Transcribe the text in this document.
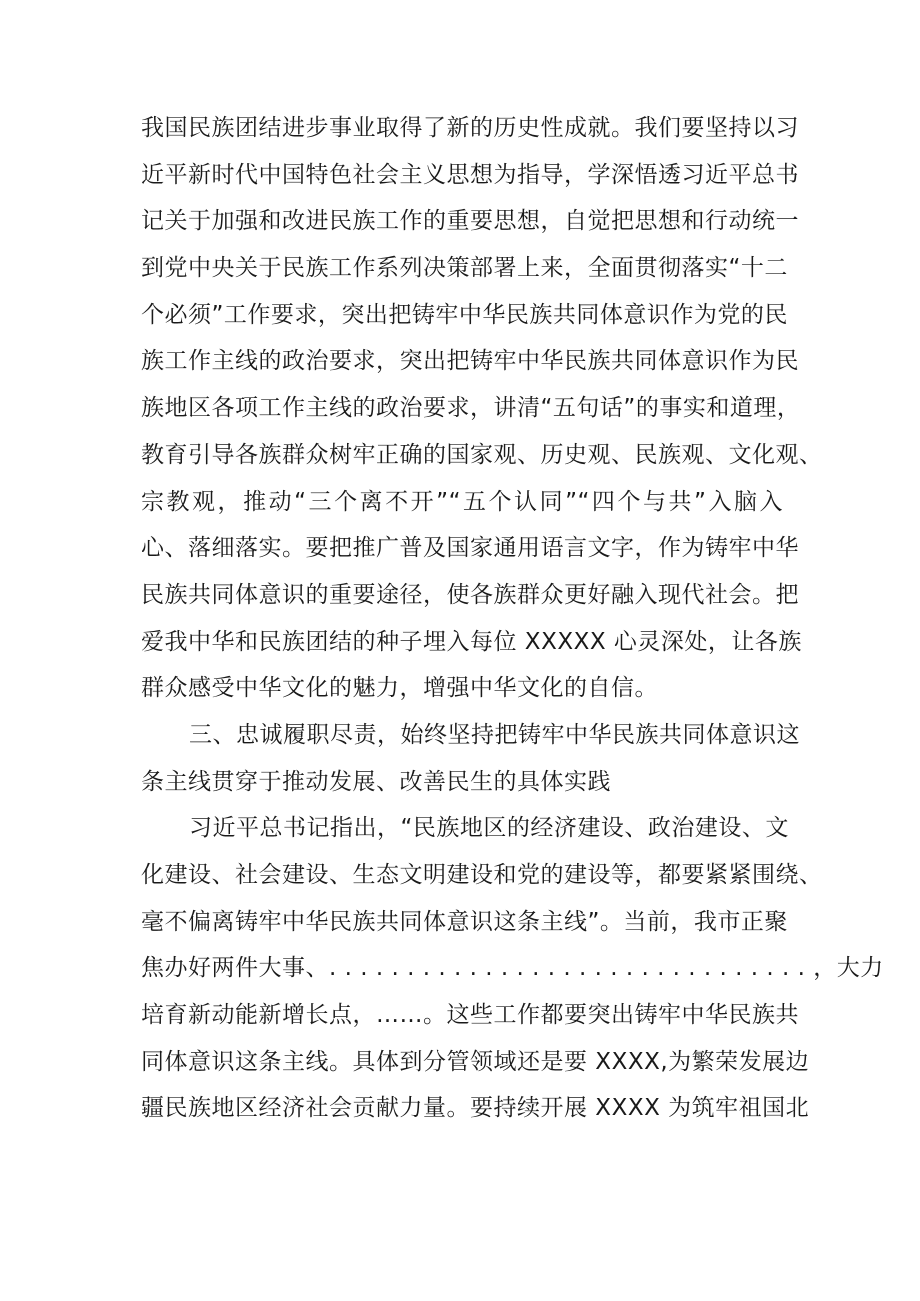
我国民族团结进步事业取得了新的历史性成就。我们要坚持以习
近平新时代中国特色社会主义思想为指导，学深悟透习近平总书
记关于加强和改进民族工作的重要思想，自觉把思想和行动统一
到党中央关于民族工作系列决策部署上来，全面贯彻落实“十二
个必须”工作要求，突出把铸牢中华民族共同体意识作为党的民
族工作主线的政治要求，突出把铸牢中华民族共同体意识作为民
族地区各项工作主线的政治要求，讲清“五句话”的事实和道理，
教育引导各族群众树牢正确的国家观、历史观、民族观、文化观、
宗教观，推动“三个离不开”“五个认同”“四个与共”入脑入
心、落细落实。要把推广普及国家通用语言文字，作为铸牢中华
民族共同体意识的重要途径，使各族群众更好融入现代社会。把
爱我中华和民族团结的种子埋入每位 XXXXX 心灵深处，让各族
群众感受中华文化的魅力，增强中华文化的自信。
三、忠诚履职尽责，始终坚持把铸牢中华民族共同体意识这
条主线贯穿于推动发展、改善民生的具体实践
习近平总书记指出，“民族地区的经济建设、政治建设、文
化建设、社会建设、生态文明建设和党的建设等，都要紧紧围绕、
毫不偏离铸牢中华民族共同体意识这条主线”。当前，我市正聚
焦办好两件大事、. . . . . . . . . . . . . . . . . . . . . . . . . . . . . . . ，大力
培育新动能新增长点，……。这些工作都要突出铸牢中华民族共
同体意识这条主线。具体到分管领域还是要 XXXX,为繁荣发展边
疆民族地区经济社会贡献力量。要持续开展 XXXX 为筑牢祖国北
